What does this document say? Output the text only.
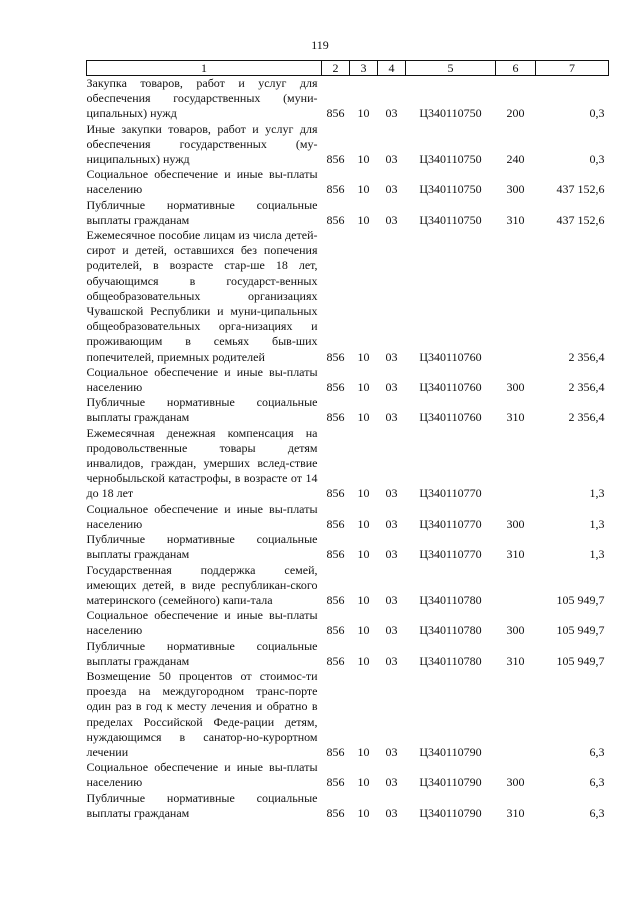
119
1	2	3	4	5	6	7
Закупка товаров, работ и услуг для обеспечения государственных (муни-ципальных) нужд	856	10	03	Ц340110750	200	0,3
Иные закупки товаров, работ и услуг для обеспечения государственных (му-ниципальных) нужд	856	10	03	Ц340110750	240	0,3
Социальное обеспечение и иные вы-платы населению	856	10	03	Ц340110750	300	437 152,6
Публичные нормативные социальные выплаты гражданам	856	10	03	Ц340110750	310	437 152,6
Ежемесячное пособие лицам из числа детей-сирот и детей, оставшихся без попечения родителей, в возрасте стар-ше 18 лет, обучающимся в государст-венных общеобразовательных организациях Чувашской Республики и муни-ципальных общеобразовательных орга-низациях и проживающим в семьях быв-ших попечителей, приемных родителей	856	10	03	Ц340110760		2 356,4
Социальное обеспечение и иные вы-платы населению	856	10	03	Ц340110760	300	2 356,4
Публичные нормативные социальные выплаты гражданам	856	10	03	Ц340110760	310	2 356,4
Ежемесячная денежная компенсация на продовольственные товары детям инвалидов, граждан, умерших вслед-ствие чернобыльской катастрофы, в возрасте от 14 до 18 лет	856	10	03	Ц340110770		1,3
Социальное обеспечение и иные вы-платы населению	856	10	03	Ц340110770	300	1,3
Публичные нормативные социальные выплаты гражданам	856	10	03	Ц340110770	310	1,3
Государственная поддержка семей, имеющих детей, в виде республикан-ского материнского (семейного) капи-тала	856	10	03	Ц340110780		105 949,7
Социальное обеспечение и иные вы-платы населению	856	10	03	Ц340110780	300	105 949,7
Публичные нормативные социальные выплаты гражданам	856	10	03	Ц340110780	310	105 949,7
Возмещение 50 процентов от стоимос-ти проезда на междугородном транс-порте один раз в год к месту лечения и обратно в пределах Российской Феде-рации детям, нуждающимся в санатор-но-курортном лечении	856	10	03	Ц340110790		6,3
Социальное обеспечение и иные вы-платы населению	856	10	03	Ц340110790	300	6,3
Публичные нормативные социальные выплаты гражданам	856	10	03	Ц340110790	310	6,3
